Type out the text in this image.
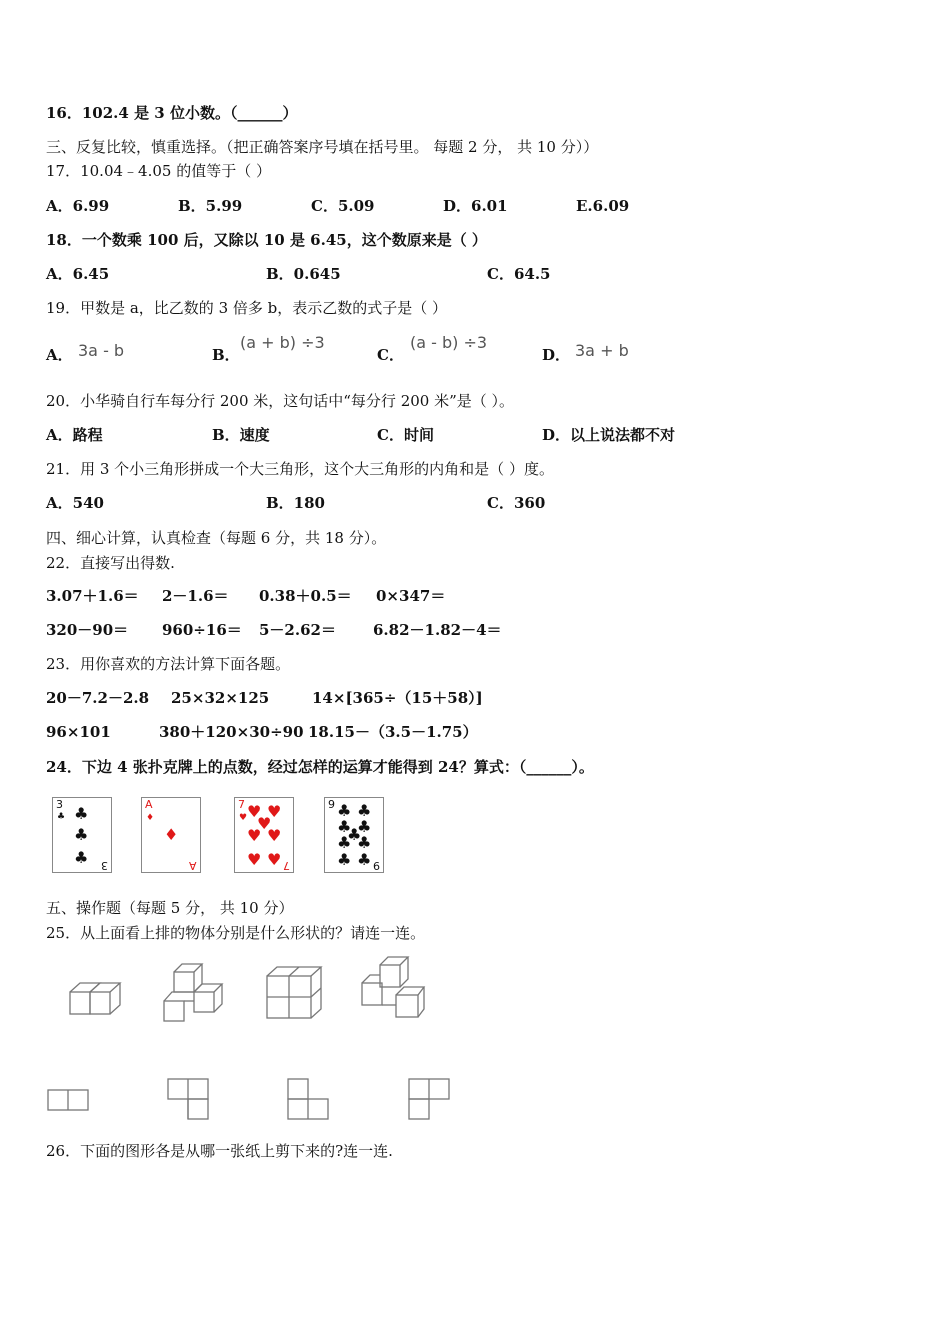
16．102.4 是 3 位小数。（______）
三、反复比较，慎重选择。（把正确答案序号填在括号里。 每题 2 分， 共 10 分））
17．10.04﹣4.05 的值等于（ ）
A．6.99	B．5.99	C．5.09	D．6.01	E.6.09
18．一个数乘 100 后，又除以 10 是 6.45，这个数原来是（ ）
A．6.45	B．0.645	C．64.5
19．甲数是 a，比乙数的 3 倍多 b，表示乙数的式子是（ ）
A． 3a - b	B．
(a + b) ÷3
C．
(a - b) ÷3
D． 3a + b
20．小华骑自行车每分行 200 米，这句话中“每分行 200 米”是（ ）。
A．路程	B．速度	C．时间	D．以上说法都不对
21．用 3 个小三角形拼成一个大三角形，这个大三角形的内角和是（ ）度。
A．540	B．180	C．360
四、细心计算，认真检查（每题 6 分，共 18 分）。
22．直接写出得数.
3.07＋1.6＝ 2－1.6＝ 0.38＋0.5＝ 0×347＝
320－90＝ 960÷16＝ 5－2.62＝ 6.82－1.82－4＝
23．用你喜欢的方法计算下面各题。
20－7.2－2.8 25×32×125	14×[365÷（15＋58）]
96×101	380＋120×30÷90 18.15－（3.5－1.75）
24．下边 4 张扑克牌上的点数，经过怎样的运算才能得到 24？算式：（______）。
3
♣ ♣
♣
♣ 3
A
♦
♦
A
7
♥ ♥ ♥
♥
♥ ♥
♥ ♥ 7
9 ♣ ♣
♣ ♣
♣
♣ ♣
♣ ♣ 9
五、操作题（每题 5 分， 共 10 分）
25．从上面看上排的物体分别是什么形状的？请连一连。
26．下面的图形各是从哪一张纸上剪下来的?连一连.
